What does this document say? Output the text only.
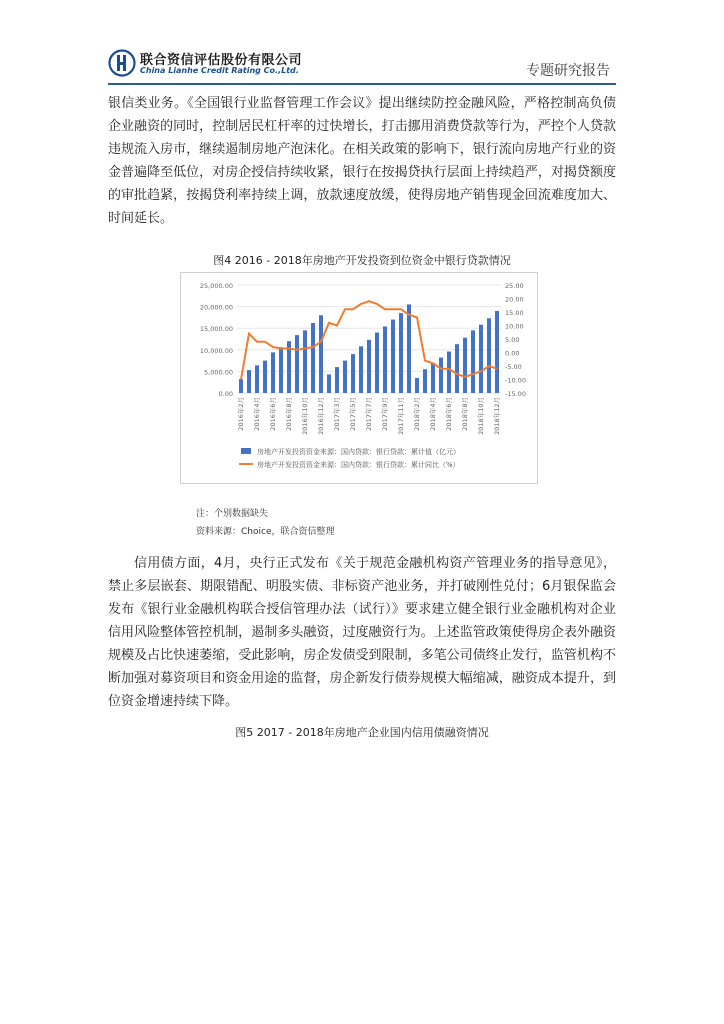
联合资信评估股份有限公司
China Lianhe Credit Rating Co.,Ltd.	专题研究报告

银信类业务。《全国银行业监督管理工作会议》提出继续防控金融风险，严格控制高负债企业融资的同时，控制居民杠杆率的过快增长，打击挪用消费贷款等行为，严控个人贷款违规流入房市，继续遏制房地产泡沫化。在相关政策的影响下，银行流向房地产行业的资金普遍降至低位，对房企授信持续收紧，银行在按揭贷执行层面上持续趋严，对揭贷额度的审批趋紧，按揭贷利率持续上调，放款速度放缓，使得房地产销售现金回流难度加大、时间延长。

图4 2016 - 2018年房地产开发投资到位资金中银行贷款情况
0.00
5,000.00
10,000.00
15,000.00
20,000.00
25,000.00
-15.00
-10.00
-5.00
0.00
5.00
10.00
15.00
20.00
25.00
2016年2月 2016年4月 2016年6月 2016年8月 2016年10月 2016年12月 2017年3月 2017年5月 2017年7月 2017年9月 2017年11月 2018年2月 2018年4月 2018年6月 2018年8月 2018年10月 2018年12月
房地产开发投资资金来源：国内贷款：银行贷款：累计值（亿元）
房地产开发投资资金来源：国内贷款：银行贷款：累计同比（%）
注：个别数据缺失
资料来源：Choice，联合资信整理

信用债方面，4月，央行正式发布《关于规范金融机构资产管理业务的指导意见》，禁止多层嵌套、期限错配、明股实债、非标资产池业务，并打破刚性兑付；6月银保监会发布《银行业金融机构联合授信管理办法（试行）》要求建立健全银行业金融机构对企业信用风险整体管控机制，遏制多头融资，过度融资行为。上述监管政策使得房企表外融资规模及占比快速萎缩，受此影响，房企发债受到限制，多笔公司债终止发行，监管机构不断加强对募资项目和资金用途的监督，房企新发行债券规模大幅缩减，融资成本提升，到位资金增速持续下降。

图5 2017 - 2018年房地产企业国内信用债融资情况
